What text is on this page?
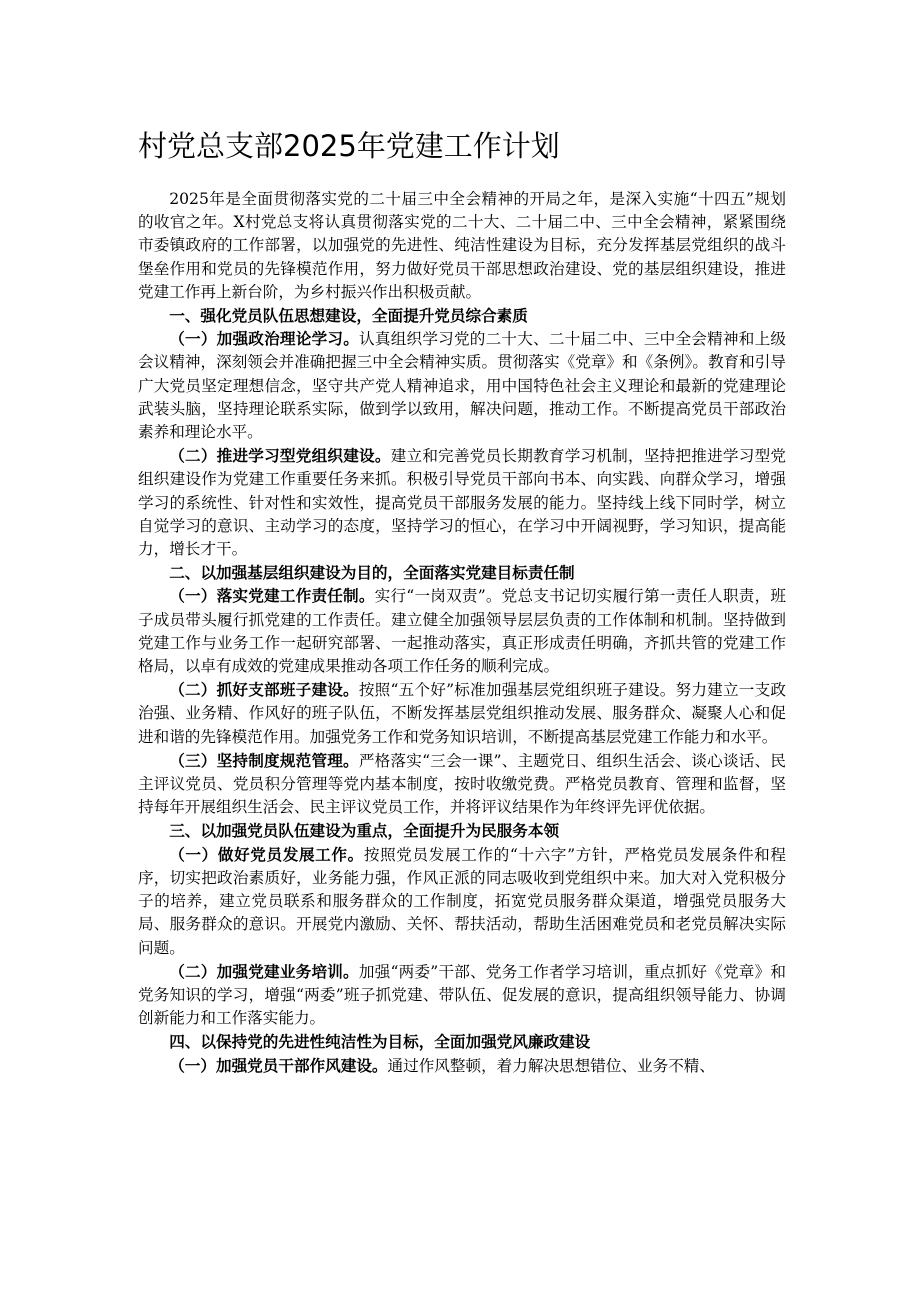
村党总支部2025年党建工作计划

2025年是全面贯彻落实党的二十届三中全会精神的开局之年，是深入实施“十四五”规划的收官之年。X村党总支将认真贯彻落实党的二十大、二十届二中、三中全会精神，紧紧围绕市委镇政府的工作部署，以加强党的先进性、纯洁性建设为目标，充分发挥基层党组织的战斗堡垒作用和党员的先锋模范作用，努力做好党员干部思想政治建设、党的基层组织建设，推进党建工作再上新台阶，为乡村振兴作出积极贡献。

一、强化党员队伍思想建设，全面提升党员综合素质

（一）加强政治理论学习。认真组织学习党的二十大、二十届二中、三中全会精神和上级会议精神，深刻领会并准确把握三中全会精神实质。贯彻落实《党章》和《条例》。教育和引导广大党员坚定理想信念，坚守共产党人精神追求，用中国特色社会主义理论和最新的党建理论武装头脑，坚持理论联系实际，做到学以致用，解决问题，推动工作。不断提高党员干部政治素养和理论水平。

（二）推进学习型党组织建设。建立和完善党员长期教育学习机制，坚持把推进学习型党组织建设作为党建工作重要任务来抓。积极引导党员干部向书本、向实践、向群众学习，增强学习的系统性、针对性和实效性，提高党员干部服务发展的能力。坚持线上线下同时学，树立自觉学习的意识、主动学习的态度，坚持学习的恒心，在学习中开阔视野，学习知识，提高能力，增长才干。

二、以加强基层组织建设为目的，全面落实党建目标责任制

（一）落实党建工作责任制。实行“一岗双责”。党总支书记切实履行第一责任人职责，班子成员带头履行抓党建的工作责任。建立健全加强领导层层负责的工作体制和机制。坚持做到党建工作与业务工作一起研究部署、一起推动落实，真正形成责任明确，齐抓共管的党建工作格局，以卓有成效的党建成果推动各项工作任务的顺利完成。

（二）抓好支部班子建设。按照“五个好”标准加强基层党组织班子建设。努力建立一支政治强、业务精、作风好的班子队伍，不断发挥基层党组织推动发展、服务群众、凝聚人心和促进和谐的先锋模范作用。加强党务工作和党务知识培训，不断提高基层党建工作能力和水平。

（三）坚持制度规范管理。严格落实“三会一课”、主题党日、组织生活会、谈心谈话、民主评议党员、党员积分管理等党内基本制度，按时收缴党费。严格党员教育、管理和监督，坚持每年开展组织生活会、民主评议党员工作，并将评议结果作为年终评先评优依据。

三、以加强党员队伍建设为重点，全面提升为民服务本领

（一）做好党员发展工作。按照党员发展工作的“十六字”方针，严格党员发展条件和程序，切实把政治素质好，业务能力强，作风正派的同志吸收到党组织中来。加大对入党积极分子的培养，建立党员联系和服务群众的工作制度，拓宽党员服务群众渠道，增强党员服务大局、服务群众的意识。开展党内激励、关怀、帮扶活动，帮助生活困难党员和老党员解决实际问题。

（二）加强党建业务培训。加强“两委”干部、党务工作者学习培训，重点抓好《党章》和党务知识的学习，增强“两委”班子抓党建、带队伍、促发展的意识，提高组织领导能力、协调创新能力和工作落实能力。

四、以保持党的先进性纯洁性为目标，全面加强党风廉政建设

（一）加强党员干部作风建设。通过作风整顿，着力解决思想错位、业务不精、
